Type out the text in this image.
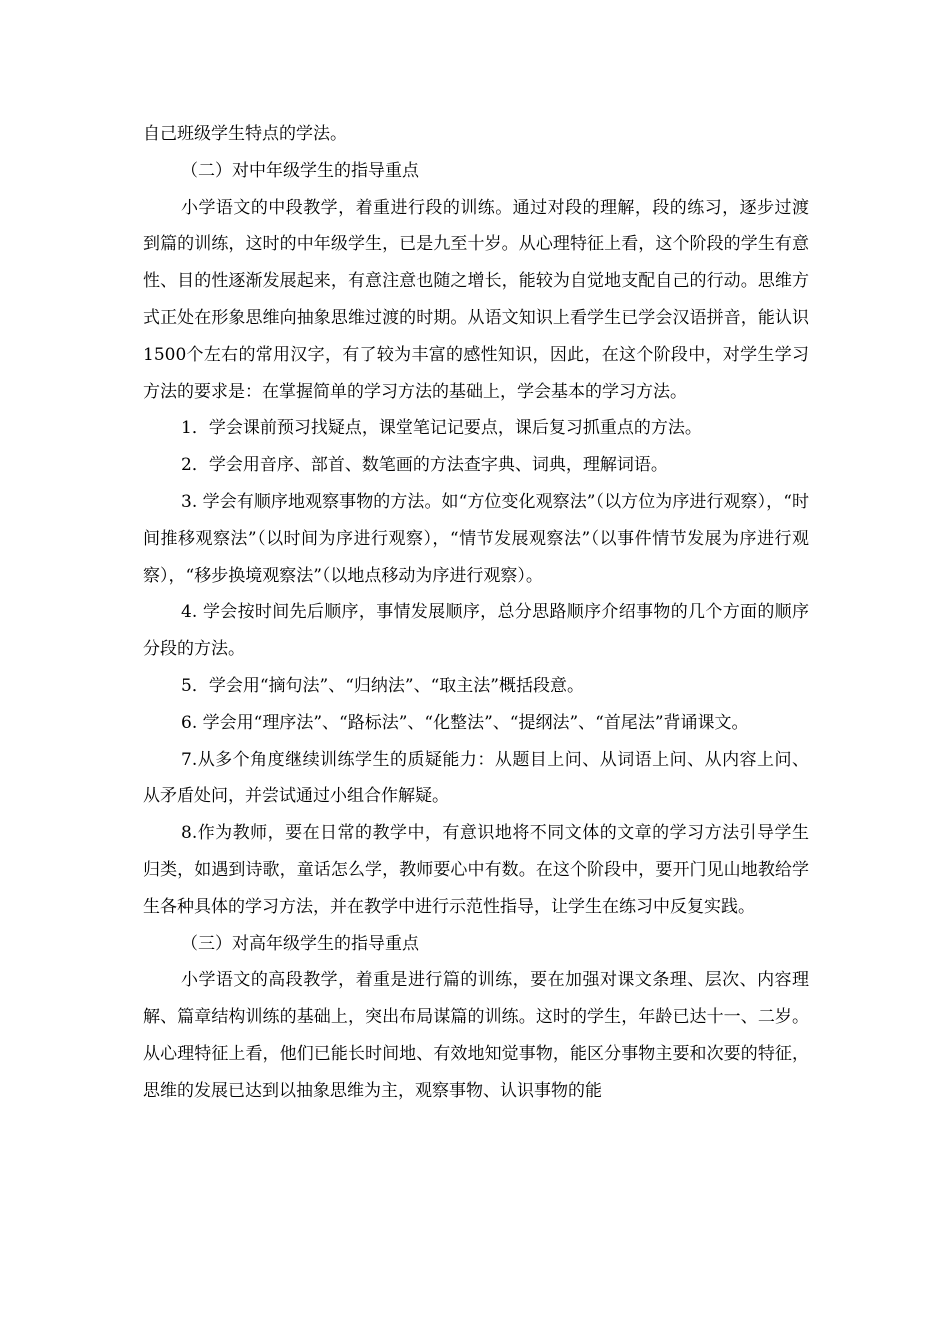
自己班级学生特点的学法。

（二）对中年级学生的指导重点

小学语文的中段教学，着重进行段的训练。通过对段的理解，段的练习，逐步过渡到篇的训练，这时的中年级学生，已是九至十岁。从心理特征上看，这个阶段的学生有意性、目的性逐渐发展起来，有意注意也随之增长，能较为自觉地支配自己的行动。思维方式正处在形象思维向抽象思维过渡的时期。从语文知识上看学生已学会汉语拼音，能认识1500个左右的常用汉字，有了较为丰富的感性知识，因此，在这个阶段中，对学生学习方法的要求是：在掌握简单的学习方法的基础上，学会基本的学习方法。

1．学会课前预习找疑点，课堂笔记记要点，课后复习抓重点的方法。

2．学会用音序、部首、数笔画的方法查字典、词典，理解词语。

3. 学会有顺序地观察事物的方法。如“方位变化观察法”（以方位为序进行观察），“时间推移观察法”（以时间为序进行观察），“情节发展观察法”（以事件情节发展为序进行观察），“移步换境观察法”（以地点移动为序进行观察）。

4. 学会按时间先后顺序，事情发展顺序，总分思路顺序介绍事物的几个方面的顺序分段的方法。

5．学会用“摘句法”、“归纳法”、“取主法”概括段意。

6. 学会用“理序法”、“路标法”、“化整法”、“提纲法”、“首尾法”背诵课文。

7.从多个角度继续训练学生的质疑能力：从题目上问、从词语上问、从内容上问、从矛盾处问，并尝试通过小组合作解疑。

8.作为教师，要在日常的教学中，有意识地将不同文体的文章的学习方法引导学生归类，如遇到诗歌，童话怎么学，教师要心中有数。在这个阶段中，要开门见山地教给学生各种具体的学习方法，并在教学中进行示范性指导，让学生在练习中反复实践。

（三）对高年级学生的指导重点

小学语文的高段教学，着重是进行篇的训练，要在加强对课文条理、层次、内容理解、篇章结构训练的基础上，突出布局谋篇的训练。这时的学生，年龄已达十一、二岁。从心理特征上看，他们已能长时间地、有效地知觉事物，能区分事物主要和次要的特征，思维的发展已达到以抽象思维为主，观察事物、认识事物的能
